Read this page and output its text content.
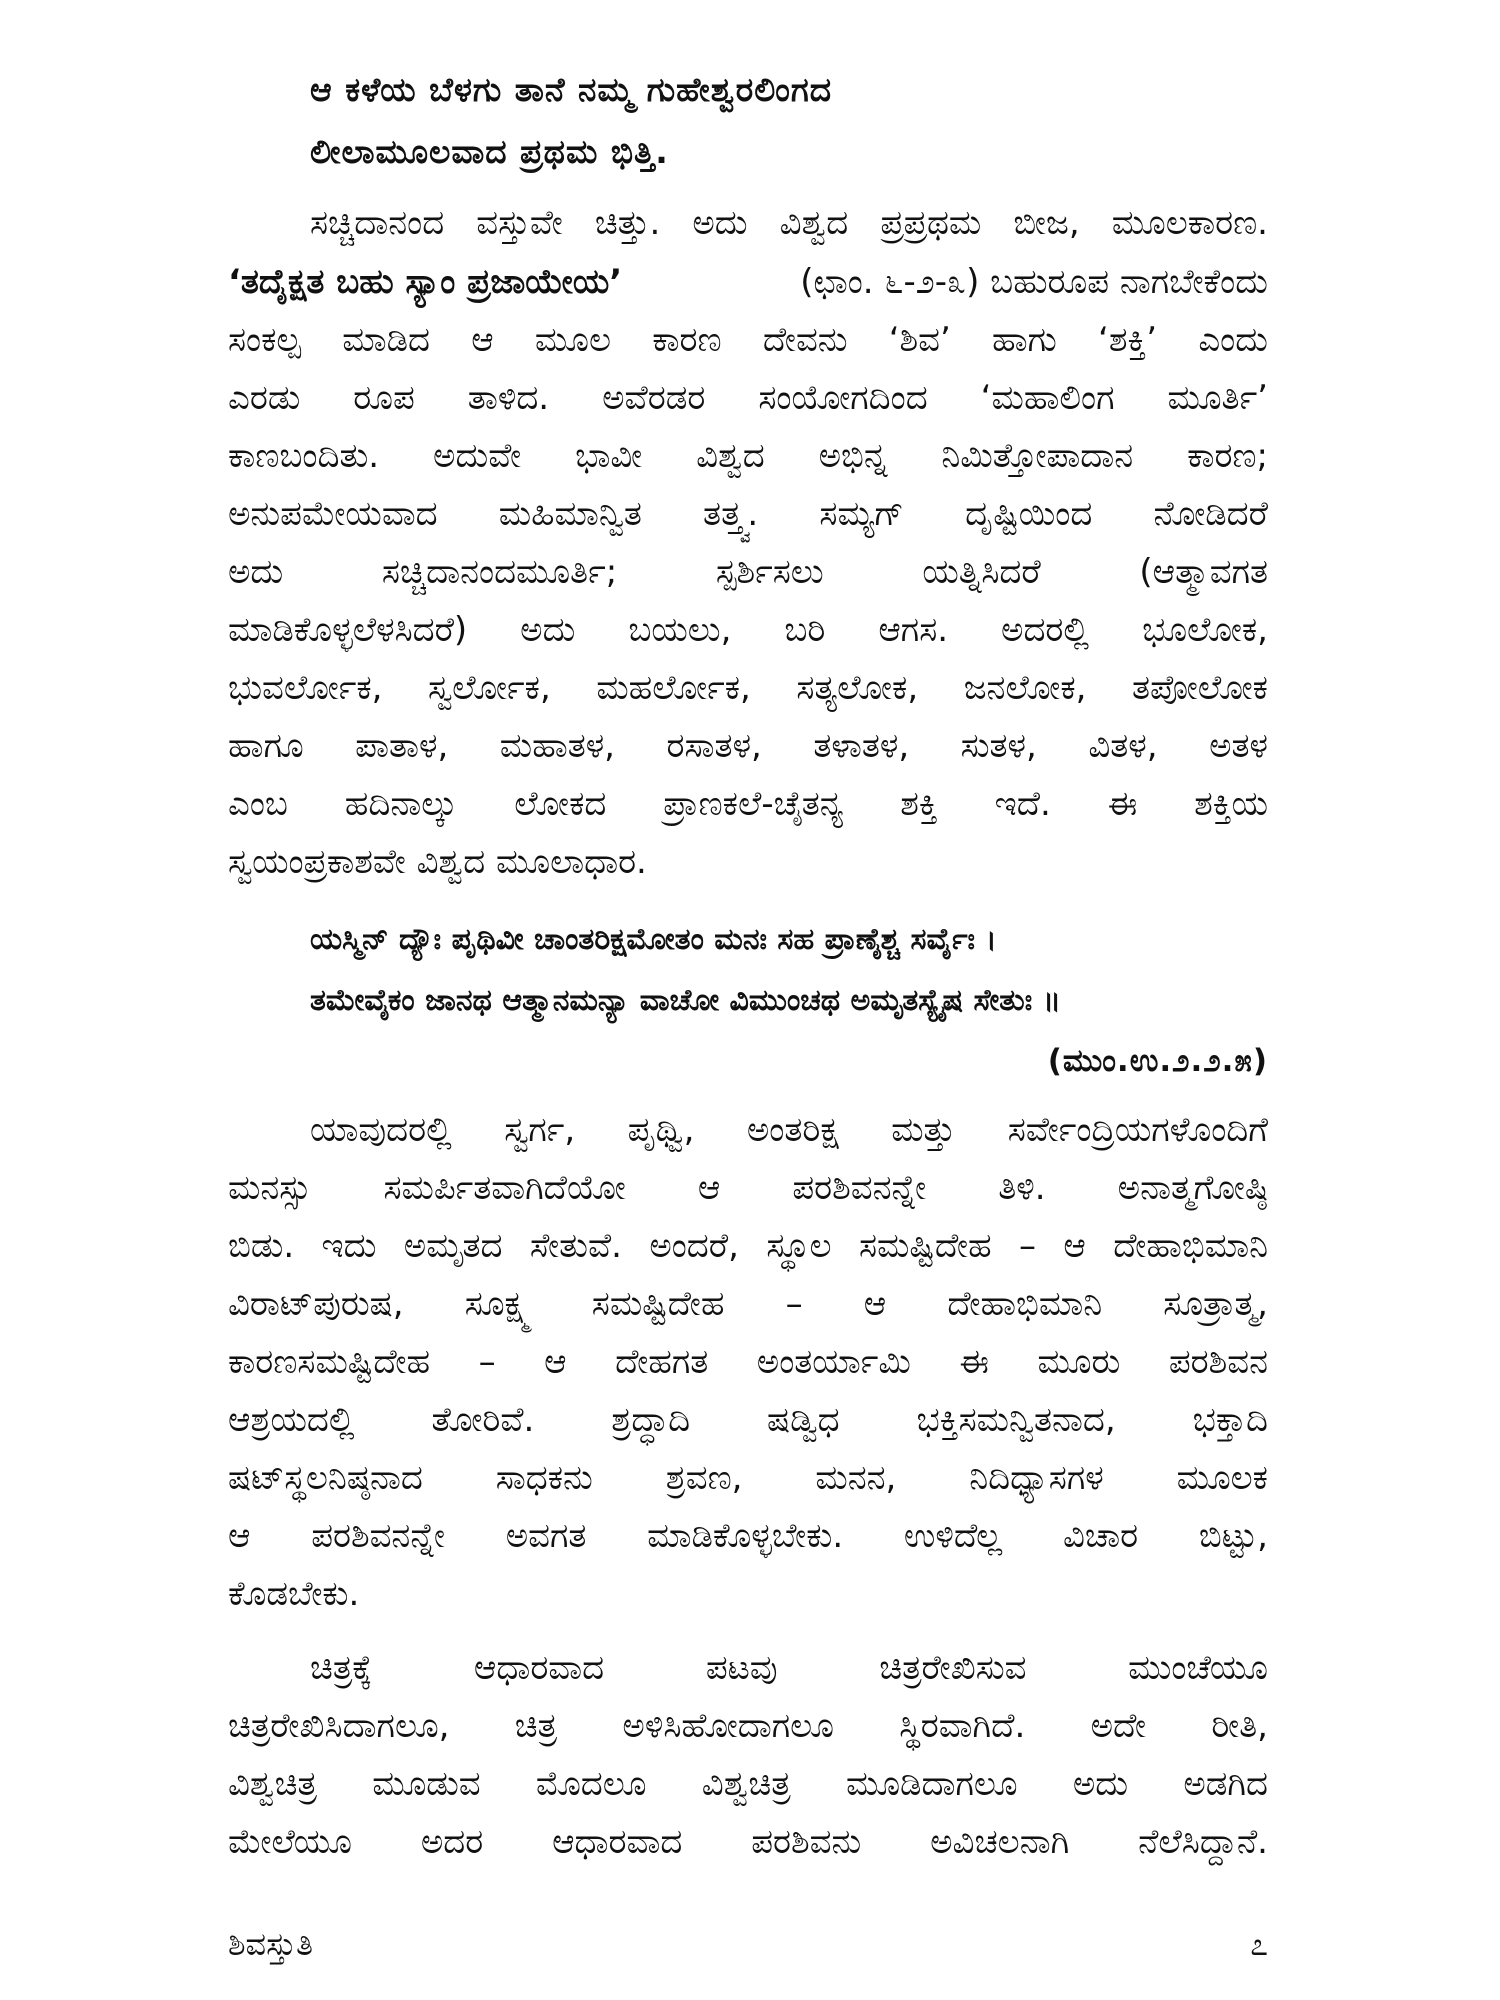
ಆ ಕಳೆಯ ಬೆಳಗು ತಾನೆ ನಮ್ಮ ಗುಹೇಶ್ವರಲಿಂಗದ
ಲೀಲಾಮೂಲವಾದ ಪ್ರಥಮ ಭಿತ್ತಿ.
ಸಚ್ಚಿದಾನಂದ ವಸ್ತುವೇ ಚಿತ್ತು. ಅದು ವಿಶ್ವದ ಪ್ರಪ್ರಥಮ ಬೀಜ, ಮೂಲಕಾರಣ.
‘ತದೈಕ್ಷತ ಬಹು ಸ್ಯಾಂ ಪ್ರಜಾಯೇಯ’	(ಛಾಂ. ೬-೨-೩) ಬಹುರೂಪ ನಾಗಬೇಕೆಂದು
ಸಂಕಲ್ಪ ಮಾಡಿದ ಆ ಮೂಲ ಕಾರಣ ದೇವನು ‘ಶಿವ’ ಹಾಗು ‘ಶಕ್ತಿ’ ಎಂದು
ಎರಡು ರೂಪ ತಾಳಿದ. ಅವೆರಡರ ಸಂಯೋಗದಿಂದ ‘ಮಹಾಲಿಂಗ ಮೂರ್ತಿ’
ಕಾಣಬಂದಿತು. ಅದುವೇ ಭಾವೀ ವಿಶ್ವದ ಅಭಿನ್ನ ನಿಮಿತ್ತೋಪಾದಾನ ಕಾರಣ;
ಅನುಪಮೇಯವಾದ ಮಹಿಮಾನ್ವಿತ ತತ್ತ್ವ. ಸಮ್ಯಗ್ ದೃಷ್ಟಿಯಿಂದ ನೋಡಿದರೆ
ಅದು ಸಚ್ಚಿದಾನಂದಮೂರ್ತಿ; ಸ್ಪರ್ಶಿಸಲು ಯತ್ನಿಸಿದರೆ (ಆತ್ಮಾವಗತ
ಮಾಡಿಕೊಳ್ಳಲೆಳಸಿದರೆ) ಅದು ಬಯಲು, ಬರಿ ಆಗಸ. ಅದರಲ್ಲಿ ಭೂಲೋಕ,
ಭುವರ್ಲೋಕ, ಸ್ವರ್ಲೋಕ, ಮಹರ್ಲೋಕ, ಸತ್ಯಲೋಕ, ಜನಲೋಕ, ತಪೋಲೋಕ
ಹಾಗೂ ಪಾತಾಳ, ಮಹಾತಳ, ರಸಾತಳ, ತಳಾತಳ, ಸುತಳ, ವಿತಳ, ಅತಳ
ಎಂಬ ಹದಿನಾಲ್ಕು ಲೋಕದ ಪ್ರಾಣಕಲೆ-ಚೈತನ್ಯ ಶಕ್ತಿ ಇದೆ. ಈ ಶಕ್ತಿಯ
ಸ್ವಯಂಪ್ರಕಾಶವೇ ವಿಶ್ವದ ಮೂಲಾಧಾರ.
ಯಸ್ಮಿನ್ ದ್ಯೌಃ ಪೃಥಿವೀ ಚಾಂತರಿಕ್ಷಮೋತಂ ಮನಃ ಸಹ ಪ್ರಾಣೈಶ್ಚ ಸರ್ವೈಃ ।
ತಮೇವೈಕಂ ಜಾನಥ ಆತ್ಮಾನಮನ್ಯಾ ವಾಚೋ ವಿಮುಂಚಥ ಅಮೃತಸ್ಯೈಷ ಸೇತುಃ ॥
(ಮುಂ.ಉ.೨.೨.೫)
ಯಾವುದರಲ್ಲಿ ಸ್ವರ್ಗ, ಪೃಥ್ವಿ, ಅಂತರಿಕ್ಷ ಮತ್ತು ಸರ್ವೇಂದ್ರಿಯಗಳೊಂದಿಗೆ
ಮನಸ್ಸು ಸಮರ್ಪಿತವಾಗಿದೆಯೋ ಆ ಪರಶಿವನನ್ನೇ ತಿಳಿ. ಅನಾತ್ಮಗೋಷ್ಠಿ
ಬಿಡು. ಇದು ಅಮೃತದ ಸೇತುವೆ. ಅಂದರೆ, ಸ್ಥೂಲ ಸಮಷ್ಟಿದೇಹ – ಆ ದೇಹಾಭಿಮಾನಿ
ವಿರಾಟ್‌ಪುರುಷ, ಸೂಕ್ಷ್ಮ ಸಮಷ್ಟಿದೇಹ – ಆ ದೇಹಾಭಿಮಾನಿ ಸೂತ್ರಾತ್ಮ,
ಕಾರಣಸಮಷ್ಟಿದೇಹ – ಆ ದೇಹಗತ ಅಂತರ್ಯಾಮಿ ಈ ಮೂರು ಪರಶಿವನ
ಆಶ್ರಯದಲ್ಲಿ ತೋರಿವೆ. ಶ್ರದ್ಧಾದಿ ಷಡ್ವಿಧ ಭಕ್ತಿಸಮನ್ವಿತನಾದ, ಭಕ್ತಾದಿ
ಷಟ್‌ಸ್ಥಲನಿಷ್ಠನಾದ ಸಾಧಕನು ಶ್ರವಣ, ಮನನ, ನಿದಿಧ್ಯಾಸಗಳ ಮೂಲಕ
ಆ ಪರಶಿವನನ್ನೇ ಅವಗತ ಮಾಡಿಕೊಳ್ಳಬೇಕು. ಉಳಿದೆಲ್ಲ ವಿಚಾರ ಬಿಟ್ಟು,
ಕೊಡಬೇಕು.
ಚಿತ್ರಕ್ಕೆ ಆಧಾರವಾದ ಪಟವು ಚಿತ್ರರೇಖಿಸುವ ಮುಂಚೆಯೂ
ಚಿತ್ರರೇಖಿಸಿದಾಗಲೂ, ಚಿತ್ರ ಅಳಿಸಿಹೋದಾಗಲೂ ಸ್ಥಿರವಾಗಿದೆ. ಅದೇ ರೀತಿ,
ವಿಶ್ವಚಿತ್ರ ಮೂಡುವ ಮೊದಲೂ ವಿಶ್ವಚಿತ್ರ ಮೂಡಿದಾಗಲೂ ಅದು ಅಡಗಿದ
ಮೇಲೆಯೂ ಅದರ ಆಧಾರವಾದ ಪರಶಿವನು ಅವಿಚಲನಾಗಿ ನೆಲೆಸಿದ್ದಾನೆ.
ಶಿವಸ್ತುತಿ	೭
